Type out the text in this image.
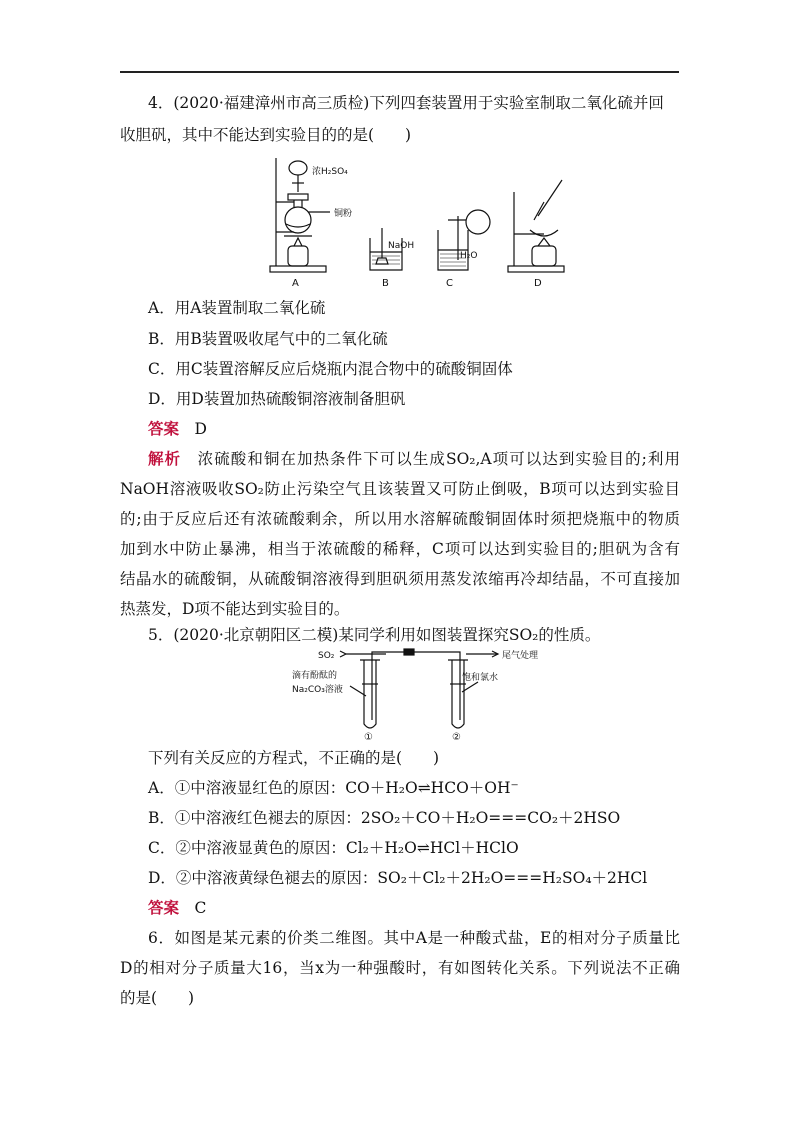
4．(2020·福建漳州市高三质检)下列四套装置用于实验室制取二氧化硫并回
收胆矾，其中不能达到实验目的的是(　　)
浓H₂SO₄
铜粉
NaOH
H₂O
A	B	C	D
A．用A装置制取二氧化硫
B．用B装置吸收尾气中的二氧化硫
C．用C装置溶解反应后烧瓶内混合物中的硫酸铜固体
D．用D装置加热硫酸铜溶液制备胆矾
答案　 D
解析　 浓硫酸和铜在加热条件下可以生成SO₂,A项可以达到实验目的;利用
NaOH溶液吸收SO₂防止污染空气且该装置又可防止倒吸，B项可以达到实验目
的;由于反应后还有浓硫酸剩余，所以用水溶解硫酸铜固体时须把烧瓶中的物质
加到水中防止暴沸，相当于浓硫酸的稀释，C项可以达到实验目的;胆矾为含有
结晶水的硫酸铜，从硫酸铜溶液得到胆矾须用蒸发浓缩再冷却结晶，不可直接加
热蒸发，D项不能达到实验目的。
5．(2020·北京朝阳区二模)某同学利用如图装置探究SO₂的性质。
SO₂	尾气处理
滴有酚酞的
Na₂CO₃溶液
饱和氯水
①	②
下列有关反应的方程式，不正确的是(　　)
A．①中溶液显红色的原因：CO＋H₂O⇌HCO＋OH⁻
B．①中溶液红色褪去的原因：2SO₂＋CO＋H₂O===CO₂＋2HSO
C．②中溶液显黄色的原因：Cl₂＋H₂O⇌HCl＋HClO
D．②中溶液黄绿色褪去的原因：SO₂＋Cl₂＋2H₂O===H₂SO₄＋2HCl
答案　 C
6．如图是某元素的价类二维图。其中A是一种酸式盐，E的相对分子质量比
D的相对分子质量大16，当x为一种强酸时，有如图转化关系。下列说法不正确
的是(　　)
